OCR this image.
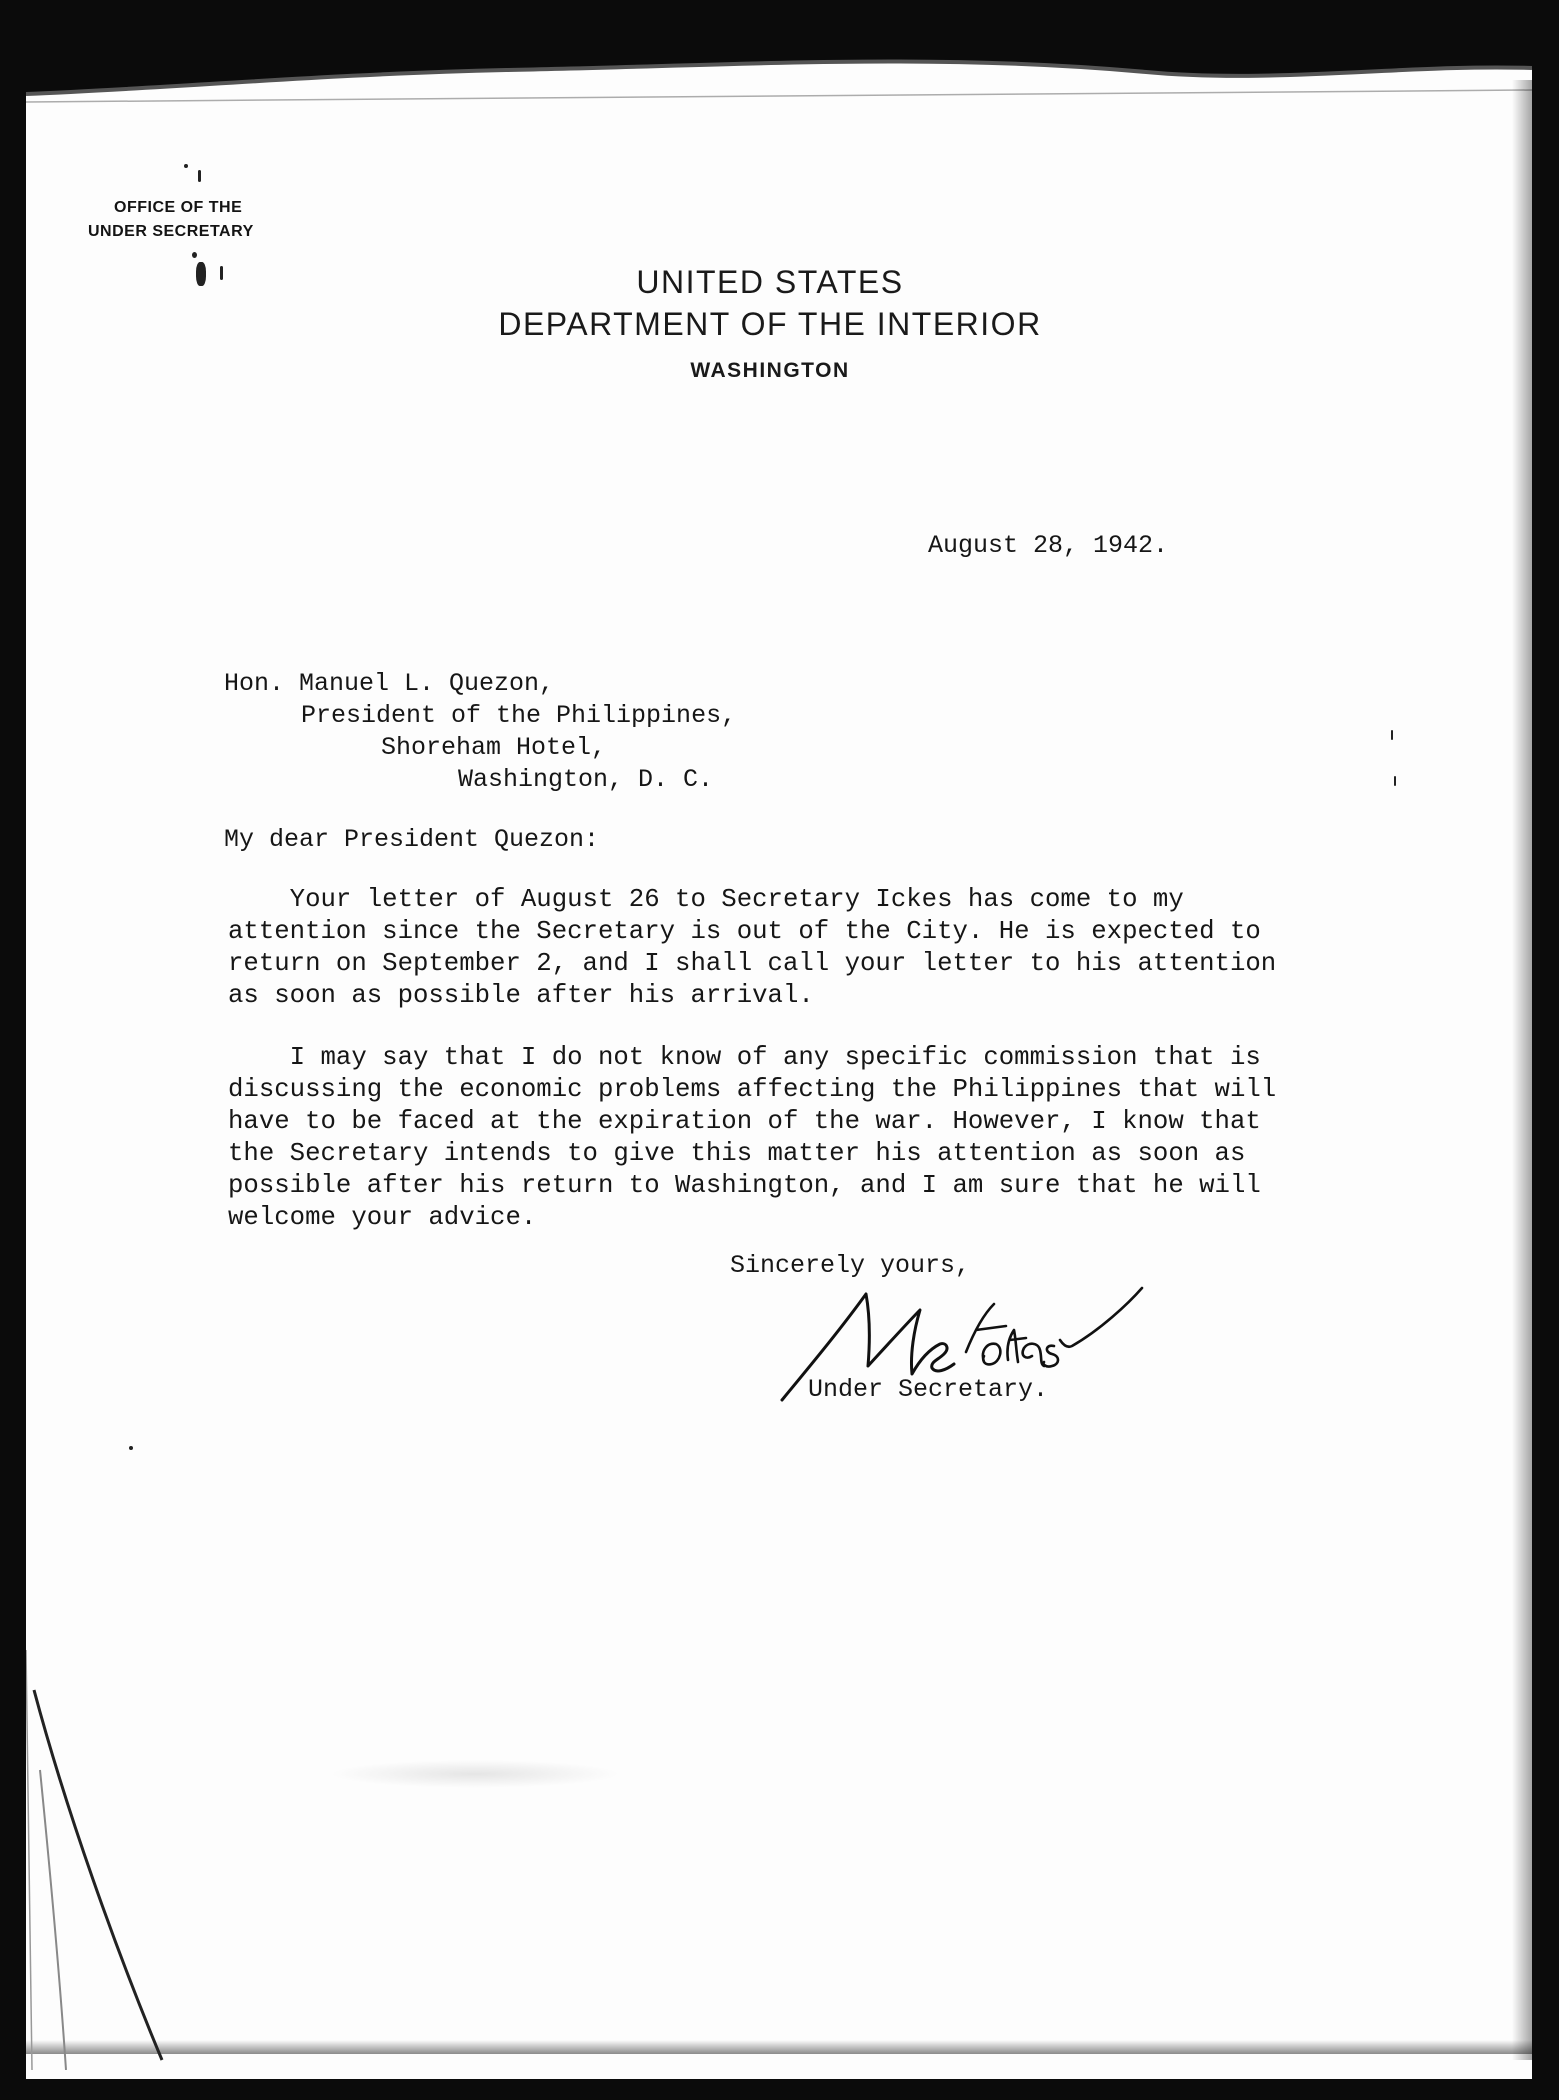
OFFICE OF THE
UNDER SECRETARY
UNITED STATES
DEPARTMENT OF THE INTERIOR
WASHINGTON
August 28, 1942.
Hon. Manuel L. Quezon,
President of the Philippines,
Shoreham Hotel,
Washington, D. C.
My dear President Quezon:

Your letter of August 26 to Secretary Ickes has come to my

attention since the Secretary is out of the City. He is expected to

return on September 2, and I shall call your letter to his attention

as soon as possible after his arrival.

I may say that I do not know of any specific commission that is

discussing the economic problems affecting the Philippines that will

have to be faced at the expiration of the war. However, I know that

the Secretary intends to give this matter his attention as soon as

possible after his return to Washington, and I am sure that he will

welcome your advice.

Sincerely yours,
Under Secretary.
